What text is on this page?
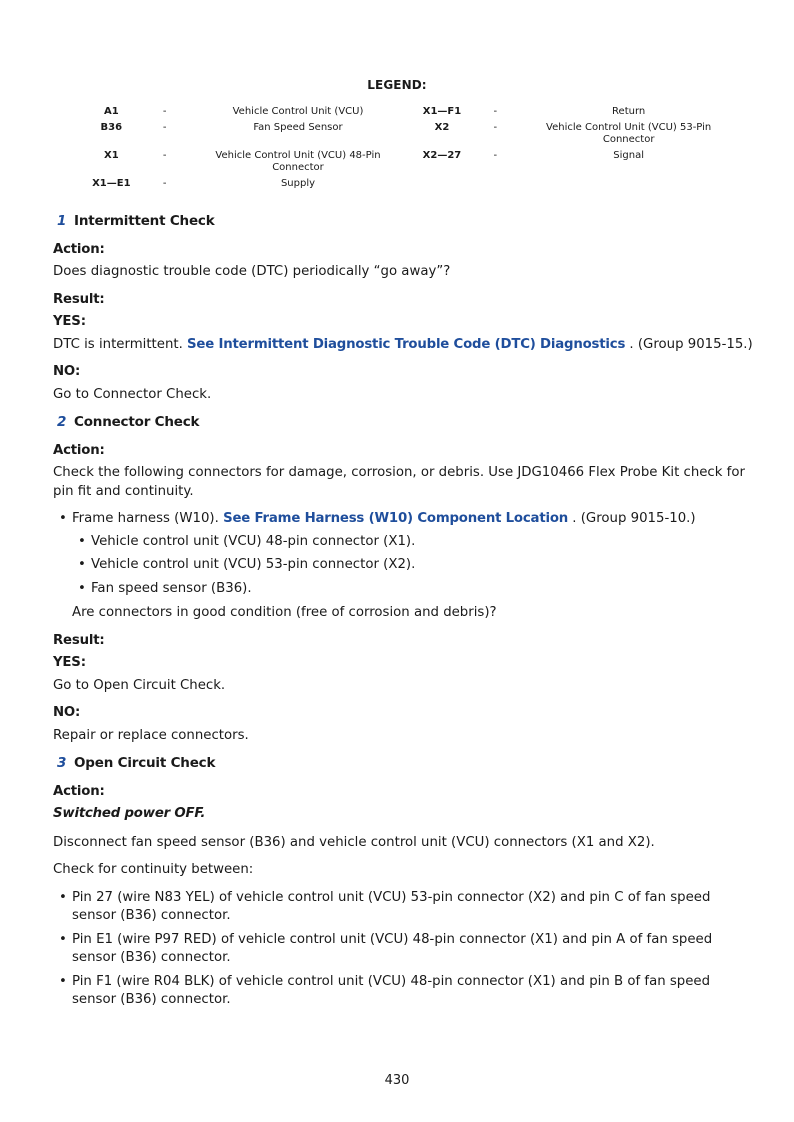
LEGEND:
A1	-	Vehicle Control Unit (VCU)		X1—F1	-	Return
B36	-	Fan Speed Sensor		X2	-	Vehicle Control Unit (VCU) 53-Pin Connector
X1	-	Vehicle Control Unit (VCU) 48-Pin Connector		X2—27	-	Signal
X1—E1	-	Supply				
1 Intermittent Check
Action:
Does diagnostic trouble code (DTC) periodically “go away”?
Result:
YES:
DTC is intermittent. See Intermittent Diagnostic Trouble Code (DTC) Diagnostics . (Group 9015-15.)
NO:
Go to Connector Check.
2 Connector Check
Action:
Check the following connectors for damage, corrosion, or debris. Use JDG10466 Flex Probe Kit check for pin fit and continuity.
• Frame harness (W10). See Frame Harness (W10) Component Location . (Group 9015-10.)
• Vehicle control unit (VCU) 48-pin connector (X1).
• Vehicle control unit (VCU) 53-pin connector (X2).
• Fan speed sensor (B36).
Are connectors in good condition (free of corrosion and debris)?
Result:
YES:
Go to Open Circuit Check.
NO:
Repair or replace connectors.
3 Open Circuit Check
Action:
Switched power OFF.
Disconnect fan speed sensor (B36) and vehicle control unit (VCU) connectors (X1 and X2).
Check for continuity between:
• Pin 27 (wire N83 YEL) of vehicle control unit (VCU) 53-pin connector (X2) and pin C of fan speed sensor (B36) connector.
• Pin E1 (wire P97 RED) of vehicle control unit (VCU) 48-pin connector (X1) and pin A of fan speed sensor (B36) connector.
• Pin F1 (wire R04 BLK) of vehicle control unit (VCU) 48-pin connector (X1) and pin B of fan speed sensor (B36) connector.
430
